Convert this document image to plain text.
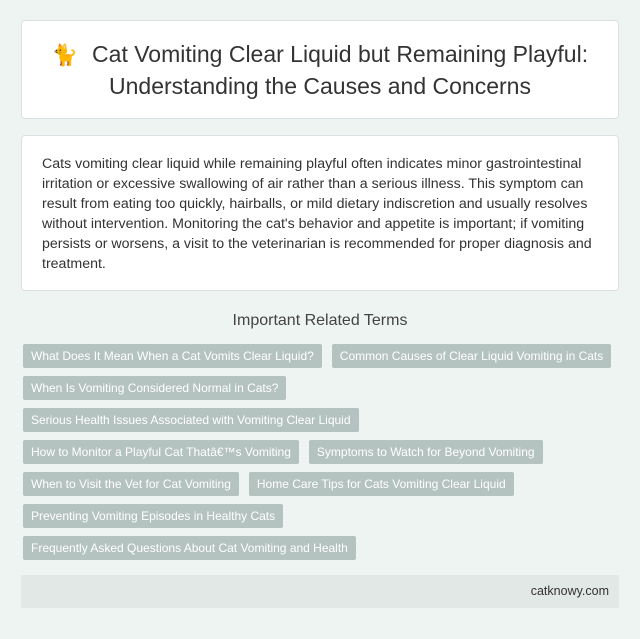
🐈 Cat Vomiting Clear Liquid but Remaining Playful: Understanding the Causes and Concerns

Cats vomiting clear liquid while remaining playful often indicates minor gastrointestinal irritation or excessive swallowing of air rather than a serious illness. This symptom can result from eating too quickly, hairballs, or mild dietary indiscretion and usually resolves without intervention. Monitoring the cat's behavior and appetite is important; if vomiting persists or worsens, a visit to the veterinarian is recommended for proper diagnosis and treatment.

Important Related Terms
What Does It Mean When a Cat Vomits Clear Liquid?	Common Causes of Clear Liquid Vomiting in Cats
When Is Vomiting Considered Normal in Cats?
Serious Health Issues Associated with Vomiting Clear Liquid
How to Monitor a Playful Cat Thatâ€™s Vomiting	Symptoms to Watch for Beyond Vomiting
When to Visit the Vet for Cat Vomiting	Home Care Tips for Cats Vomiting Clear Liquid
Preventing Vomiting Episodes in Healthy Cats
Frequently Asked Questions About Cat Vomiting and Health
catknowy.com
